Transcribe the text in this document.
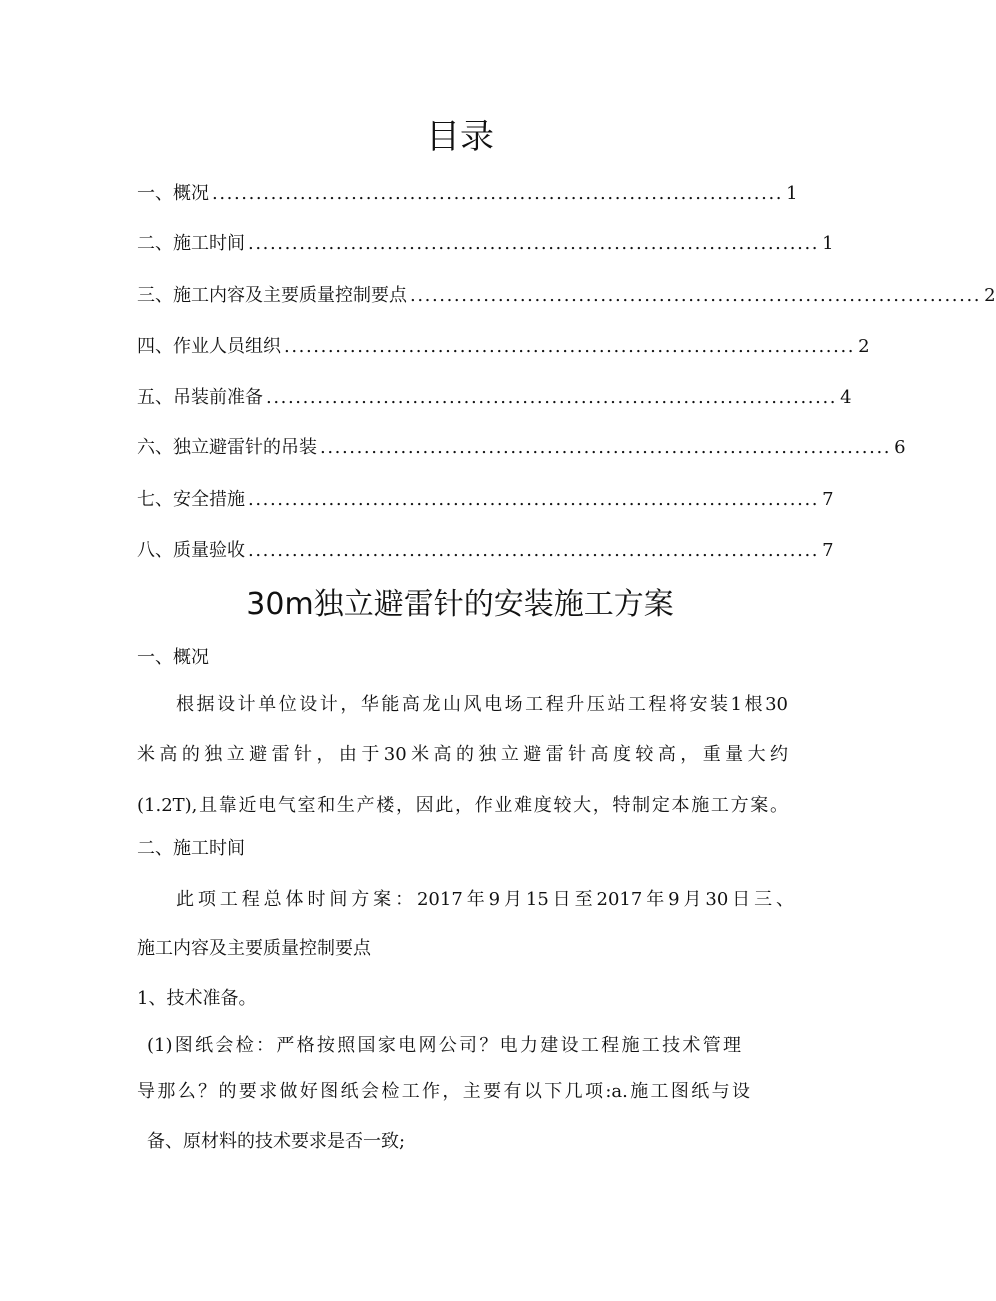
目录
一、概况 .............................................................................. 1
二、施工时间 .............................................................................. 1
三、施工内容及主要质量控制要点 .............................................................................. 2
四、作业人员组织 .............................................................................. 2
五、吊装前准备 .............................................................................. 4
六、独立避雷针的吊装 .............................................................................. 6
七、安全措施 .............................................................................. 7
八、质量验收 .............................................................................. 7
30m独立避雷针的安装施工方案
一、概况
根据设计单位设计，华能高龙山风电场工程升压站工程将安装1根30
米高的独立避雷针，由于30米高的独立避雷针高度较高，重量大约
(1.2T),且靠近电气室和生产楼，因此，作业难度较大，特制定本施工方案。
二、施工时间
此项工程总体时间方案：2017年9月15日至2017年9月30日三、
施工内容及主要质量控制要点
1、技术准备。
(1)图纸会检：严格按照国家电网公司？电力建设工程施工技术管理
导那么？的要求做好图纸会检工作，主要有以下几项:a.施工图纸与设
备、原材料的技术要求是否一致;
